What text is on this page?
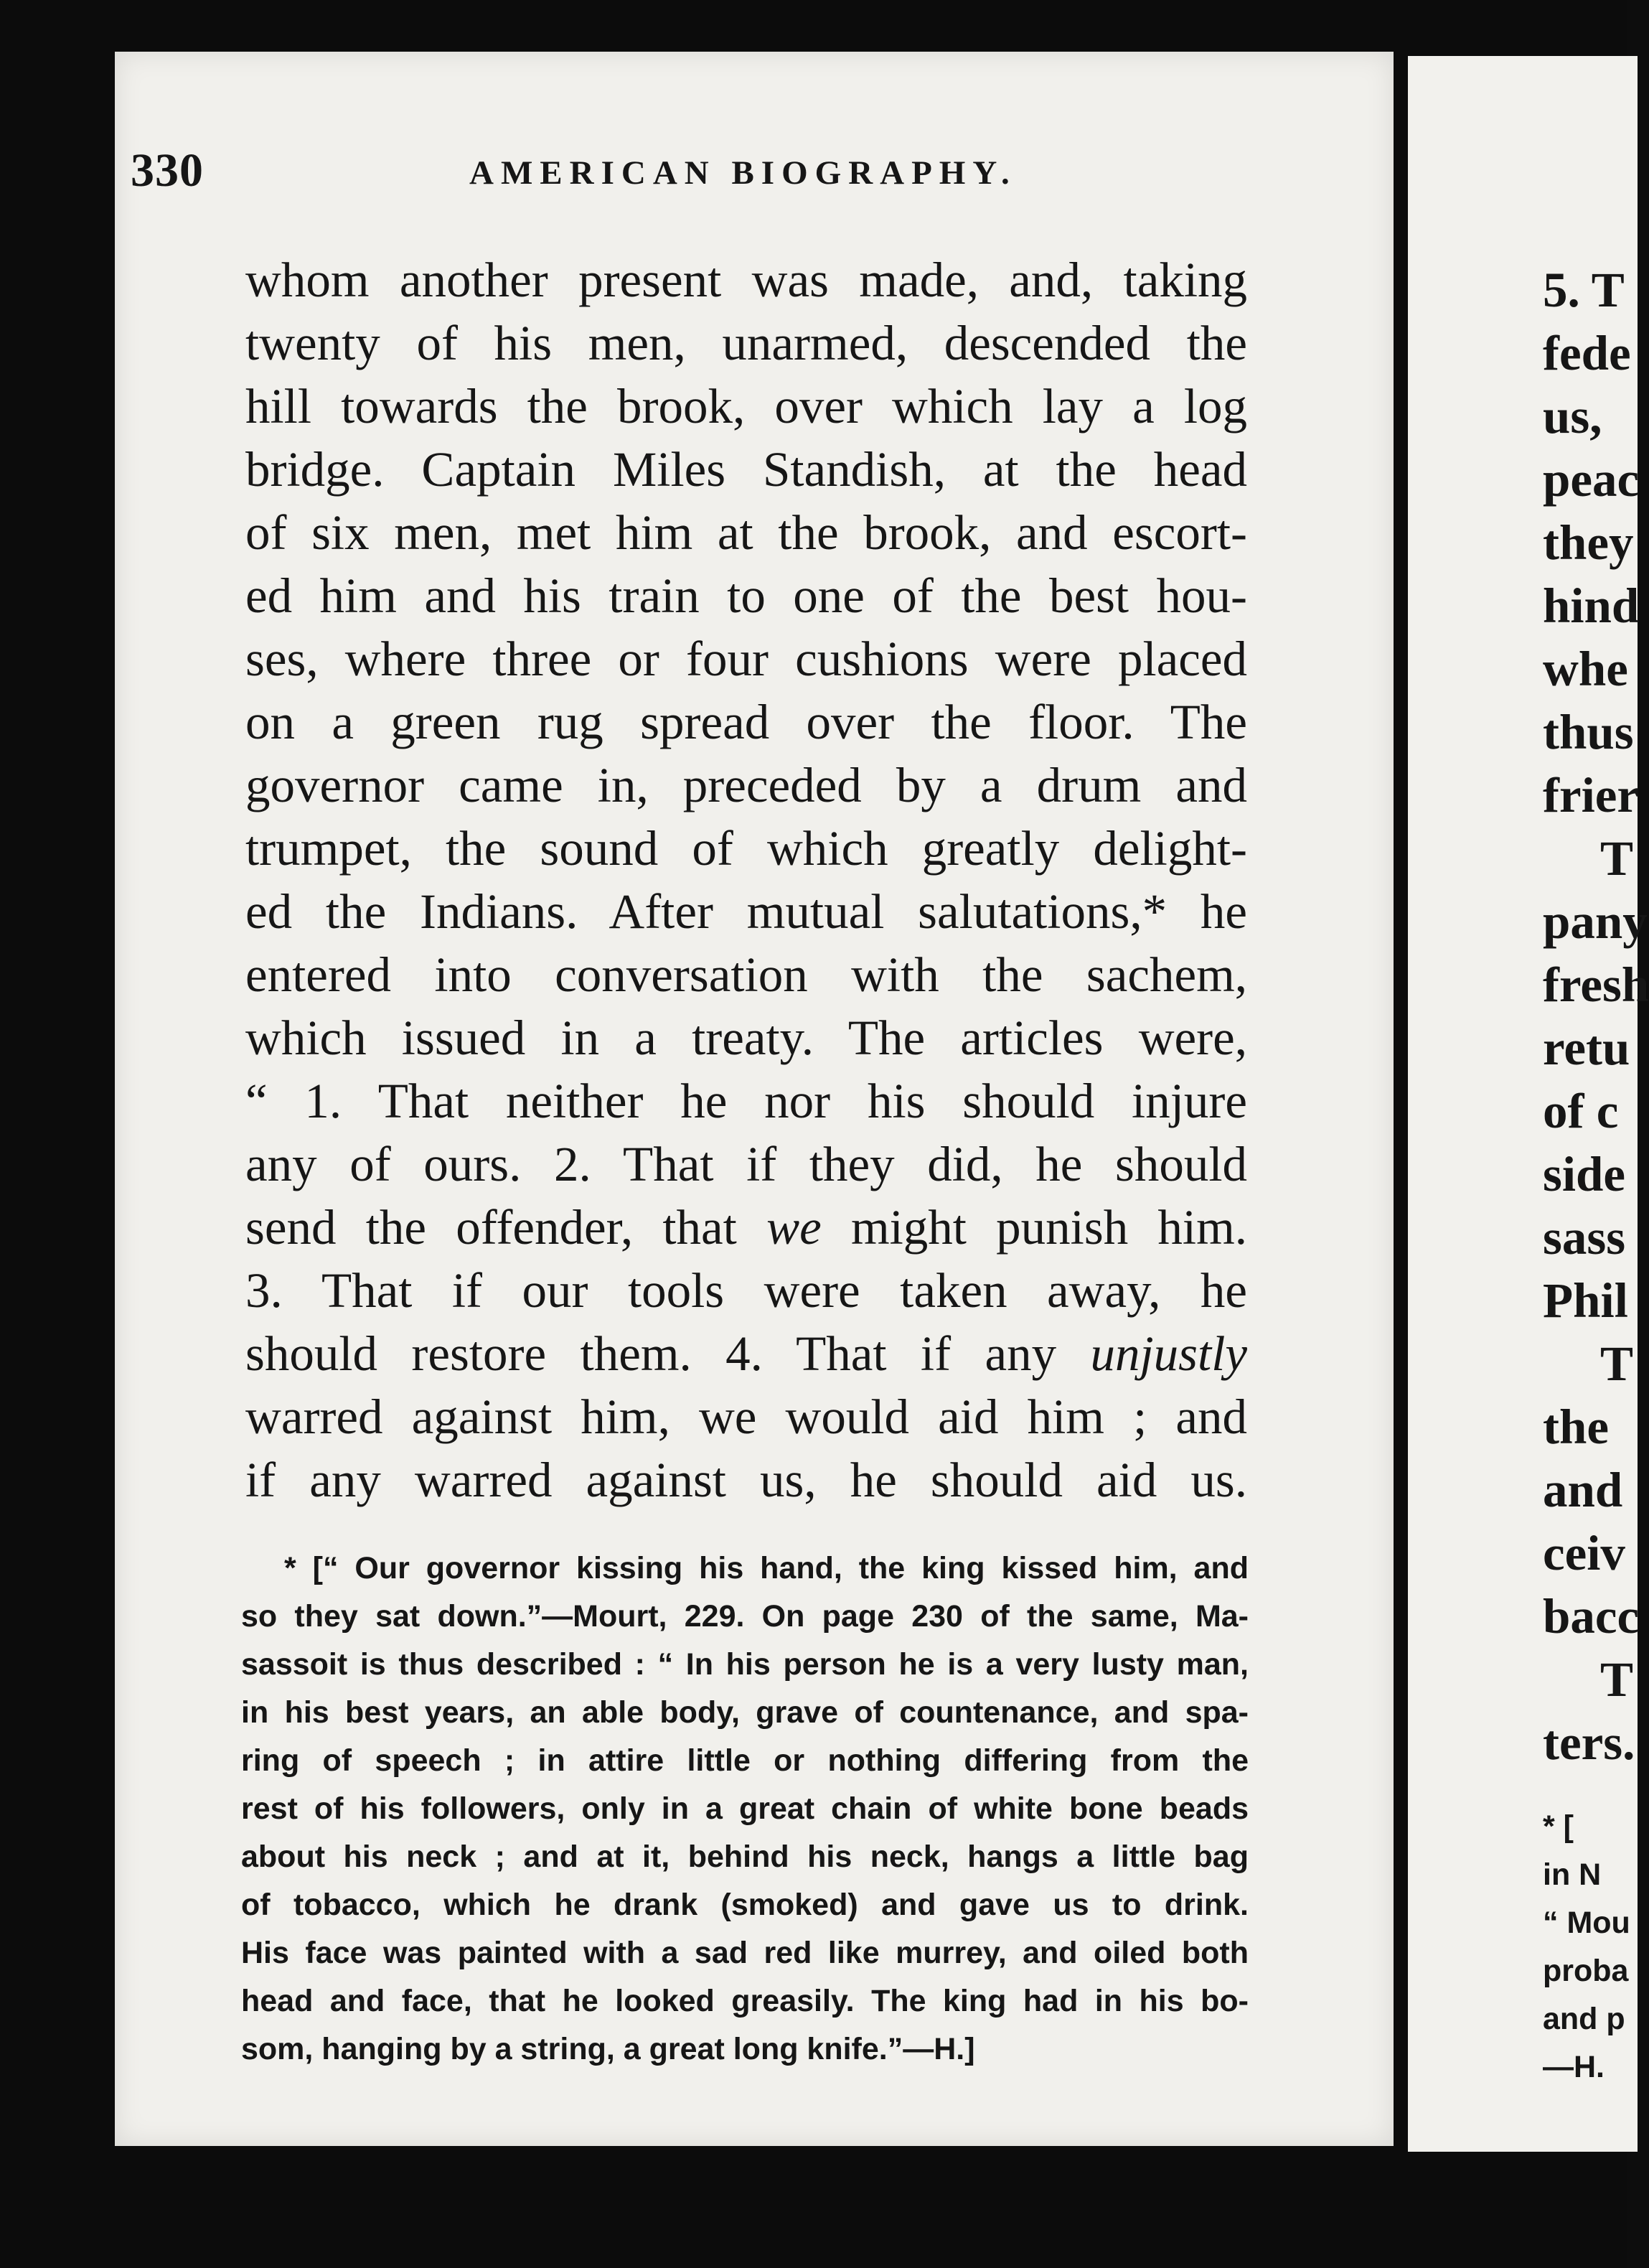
330	AMERICAN BIOGRAPHY.
whom another present was made, and, taking
twenty of his men, unarmed, descended the
hill towards the brook, over which lay a log
bridge. Captain Miles Standish, at the head
of six men, met him at the brook, and escort-
ed him and his train to one of the best hou-
ses, where three or four cushions were placed
on a green rug spread over the floor. The
governor came in, preceded by a drum and
trumpet, the sound of which greatly delight-
ed the Indians. After mutual salutations,* he
entered into conversation with the sachem,
which issued in a treaty. The articles were,
“ 1. That neither he nor his should injure
any of ours. 2. That if they did, he should
send the offender, that we might punish him.
3. That if our tools were taken away, he
should restore them. 4. That if any unjustly
warred against him, we would aid him ; and
if any warred against us, he should aid us.
* [“ Our governor kissing his hand, the king kissed him, and
so they sat down.”—Mourt, 229. On page 230 of the same, Ma-
sassoit is thus described : “ In his person he is a very lusty man,
in his best years, an able body, grave of countenance, and spa-
ring of speech ; in attire little or nothing differing from the
rest of his followers, only in a great chain of white bone beads
about his neck ; and at it, behind his neck, hangs a little bag
of tobacco, which he drank (smoked) and gave us to drink.
His face was painted with a sad red like murrey, and oiled both
head and face, that he looked greasily. The king had in his bo-
som, hanging by a string, a great long knife.”—H.]
5. T
fede
us,
peac
they
hind
whe
thus
frier
T
pany
fresh
retu
of c
side
sass
Phil
T
the
and
ceiv
bacc
T
ters.
* [
in N
“ Mou
proba
and p
—H.
